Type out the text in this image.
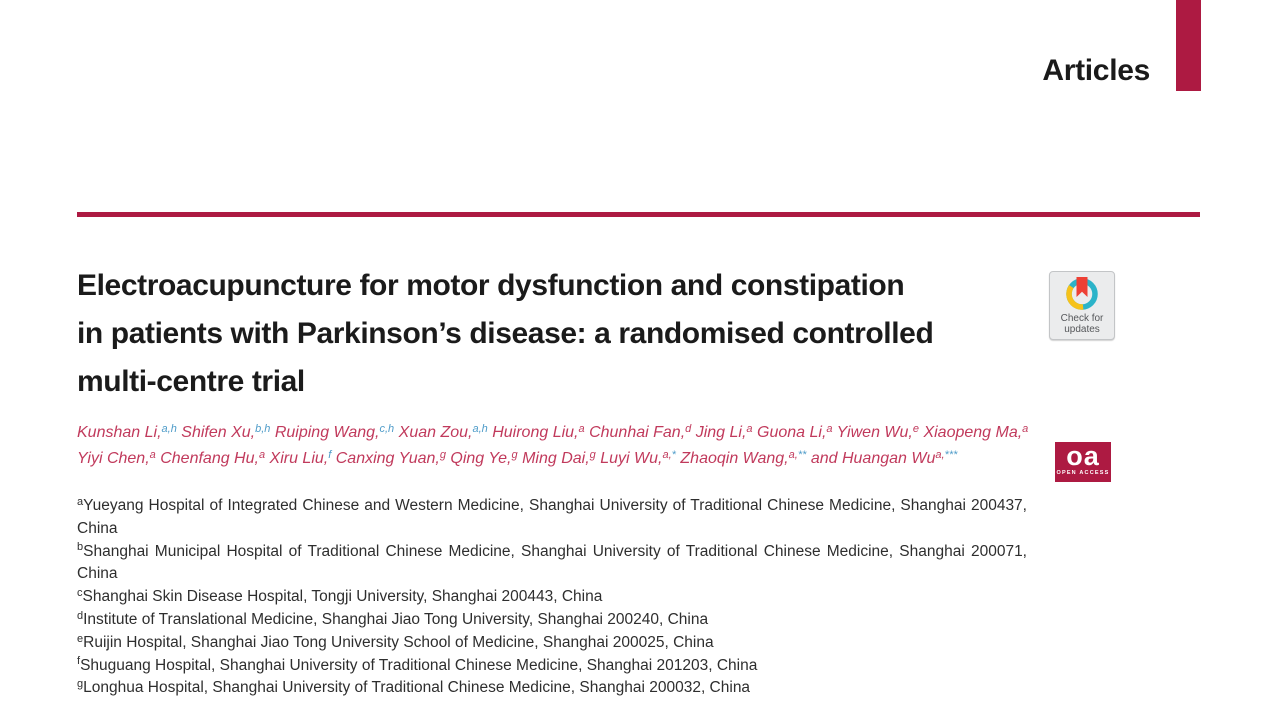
Articles
Electroacupuncture for motor dysfunction and constipation
in patients with Parkinson’s disease: a randomised controlled
multi-centre trial

Kunshan Li,$^{a,h}$ Shifen Xu,$^{b,h}$ Ruiping Wang,$^{c,h}$ Xuan Zou,$^{a,h}$ Huirong Liu,$^a$ Chunhai Fan,$^d$ Jing Li,$^a$ Guona Li,$^a$ Yiwen Wu,$^e$ Xiaopeng Ma,$^a$
Yiyi Chen,$^a$ Chenfang Hu,$^a$ Xiru Liu,$^f$ Canxing Yuan,$^g$ Qing Ye,$^g$ Ming Dai,$^g$ Luyi Wu,$^{a,*}$ Zhaoqin Wang,$^{a,**}$ and Huangan $Wu^{a,***}$

$^a$Yueyang Hospital of Integrated Chinese and Western Medicine, Shanghai University of Traditional Chinese Medicine, Shanghai 200437, China
$^b$Shanghai Municipal Hospital of Traditional Chinese Medicine, Shanghai University of Traditional Chinese Medicine, Shanghai 200071, China
$^c$Shanghai Skin Disease Hospital, Tongji University, Shanghai 200443, China
$^d$Institute of Translational Medicine, Shanghai Jiao Tong University, Shanghai 200240, China
$^e$Ruijin Hospital, Shanghai Jiao Tong University School of Medicine, Shanghai 200025, China
$^f$Shuguang Hospital, Shanghai University of Traditional Chinese Medicine, Shanghai 201203, China
$^g$Longhua Hospital, Shanghai University of Traditional Chinese Medicine, Shanghai 200032, China
Check for
updates
oa
OPEN ACCESS
